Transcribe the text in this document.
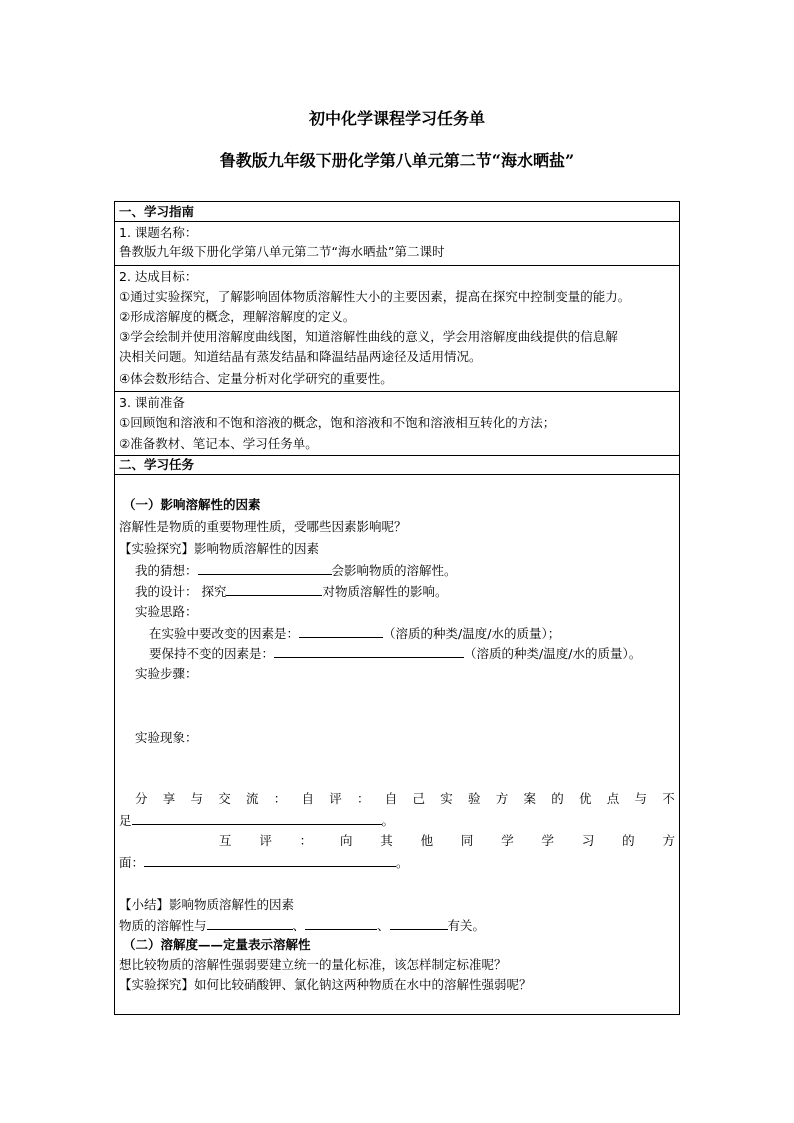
初中化学课程学习任务单
鲁教版九年级下册化学第八单元第二节“海水晒盐”
一、学习指南
1. 课题名称：
鲁教版九年级下册化学第八单元第二节“海水晒盐”第二课时
2. 达成目标：
①通过实验探究，了解影响固体物质溶解性大小的主要因素，提高在探究中控制变量的能力。
②形成溶解度的概念，理解溶解度的定义。
③学会绘制并使用溶解度曲线图，知道溶解性曲线的意义，学会用溶解度曲线提供的信息解
决相关问题。知道结晶有蒸发结晶和降温结晶两途径及适用情况。
④体会数形结合、定量分析对化学研究的重要性。
3. 课前准备
①回顾饱和溶液和不饱和溶液的概念，饱和溶液和不饱和溶液相互转化的方法；
②准备教材、笔记本、学习任务单。
二、学习任务
（一）影响溶解性的因素
溶解性是物质的重要物理性质，受哪些因素影响呢？
【实验探究】影响物质溶解性的因素
我的猜想：	会影响物质的溶解性。
我的设计： 探究	对物质溶解性的影响。
实验思路：
在实验中要改变的因素是：	（溶质的种类/温度/水的质量）；
要保持不变的因素是：	（溶质的种类/温度/水的质量）。
实验步骤：
实验现象：
分 享 与 交 流 ： 自 评 ： 自 己 实 验 方 案 的 优 点 与 不
足	。
互 评 ： 向 其 他 同 学 学 习 的 方
面：	。
【小结】影响物质溶解性的因素
物质的溶解性与	、	、	有关。
（二）溶解度——定量表示溶解性
想比较物质的溶解性强弱要建立统一的量化标准，该怎样制定标准呢？
【实验探究】如何比较硝酸钾、氯化钠这两种物质在水中的溶解性强弱呢？
